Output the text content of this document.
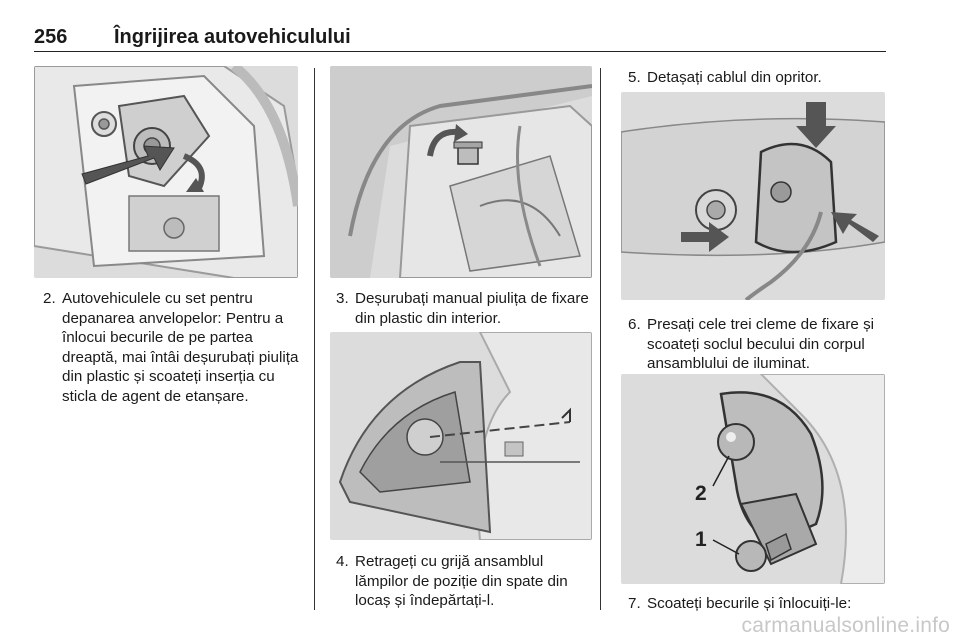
256 Îngrijirea autovehiculului
2
1
2. Autovehiculele cu set pentru depanarea anvelopelor: Pentru a înlocui becurile de pe partea dreaptă, mai întâi deșurubați piulița din plastic și scoateți inserția cu sticla de agent de etanșare.
3. Deșurubați manual piulița de fixare din plastic din interior.
4. Retrageți cu grijă ansamblul lămpilor de poziție din spate din locaș și îndepărtați-l.
5. Detașați cablul din opritor.
6. Presați cele trei cleme de fixare și scoateți soclul becului din corpul ansamblului de iluminat.
7. Scoateți becurile și înlocuiți-le:
carmanualsonline.info
